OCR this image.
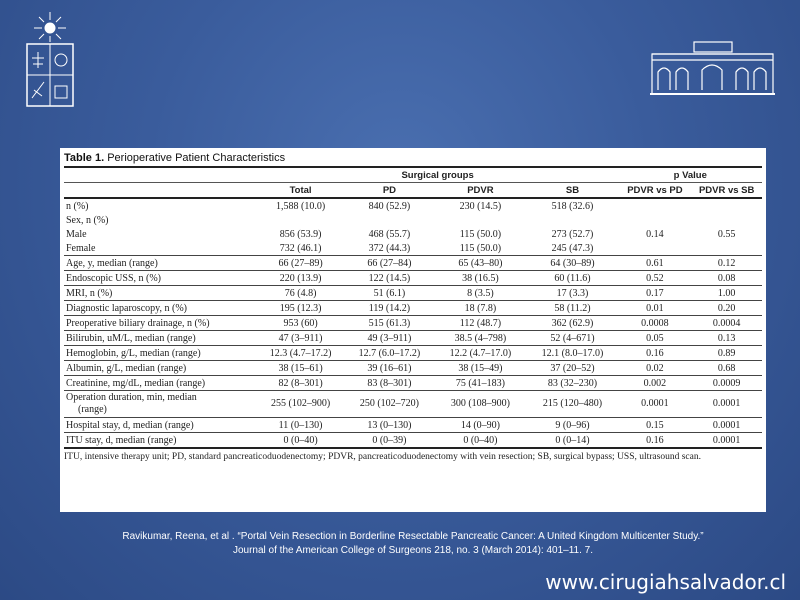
Table 1. Perioperative Patient Characteristics
	Surgical groups				p Value	
	Total	PD	PDVR	SB	PDVR vs PD	PDVR vs SB
n (%)	1,588 (10.0)	840 (52.9)	230 (14.5)	518 (32.6)		
Sex, n (%)						
Male	856 (53.9)	468 (55.7)	115 (50.0)	273 (52.7)	0.14	0.55
Female	732 (46.1)	372 (44.3)	115 (50.0)	245 (47.3)		
Age, y, median (range)	66 (27–89)	66 (27–84)	65 (43–80)	64 (30–89)	0.61	0.12
Endoscopic USS, n (%)	220 (13.9)	122 (14.5)	38 (16.5)	60 (11.6)	0.52	0.08
MRI, n (%)	76 (4.8)	51 (6.1)	8 (3.5)	17 (3.3)	0.17	1.00
Diagnostic laparoscopy, n (%)	195 (12.3)	119 (14.2)	18 (7.8)	58 (11.2)	0.01	0.20
Preoperative biliary drainage, n (%)	953 (60)	515 (61.3)	112 (48.7)	362 (62.9)	0.0008	0.0004
Bilirubin, uM/L, median (range)	47 (3–911)	49 (3–911)	38.5 (4–798)	52 (4–671)	0.05	0.13
Hemoglobin, g/L, median (range)	12.3 (4.7–17.2)	12.7 (6.0–17.2)	12.2 (4.7–17.0)	12.1 (8.0–17.0)	0.16	0.89
Albumin, g/L, median (range)	38 (15–61)	39 (16–61)	38 (15–49)	37 (20–52)	0.02	0.68
Creatinine, mg/dL, median (range)	82 (8–301)	83 (8–301)	75 (41–183)	83 (32–230)	0.002	0.0009
Operation duration, min, median
(range)	255 (102–900)	250 (102–720)	300 (108–900)	215 (120–480)	0.0001	0.0001
Hospital stay, d, median (range)	11 (0–130)	13 (0–130)	14 (0–90)	9 (0–96)	0.15	0.0001
ITU stay, d, median (range)	0 (0–40)	0 (0–39)	0 (0–40)	0 (0–14)	0.16	0.0001
ITU, intensive therapy unit; PD, standard pancreaticoduodenectomy; PDVR, pancreaticoduodenectomy with vein resection; SB, surgical bypass; USS, ultrasound scan.
Ravikumar, Reena, et al . “Portal Vein Resection in Borderline Resectable Pancreatic Cancer: A United Kingdom Multicenter Study.”
Journal of the American College of Surgeons 218, no. 3 (March 2014): 401–11. 7.
www.cirugiahsalvador.cl
